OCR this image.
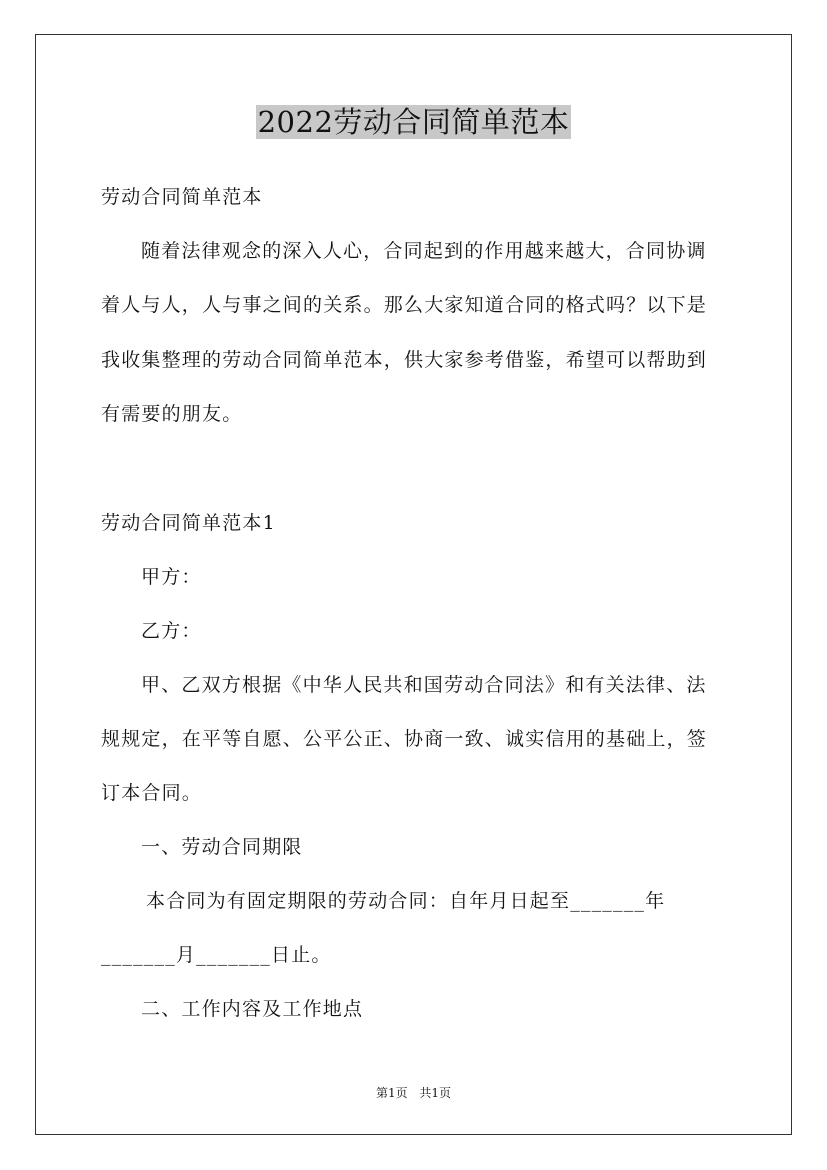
2022劳动合同简单范本
劳动合同简单范本
随着法律观念的深入人心，合同起到的作用越来越大，合同协调
着人与人，人与事之间的关系。那么大家知道合同的格式吗？以下是
我收集整理的劳动合同简单范本，供大家参考借鉴，希望可以帮助到
有需要的朋友。
劳动合同简单范本1
甲方：
乙方：
甲、乙双方根据《中华人民共和国劳动合同法》和有关法律、法
规规定，在平等自愿、公平公正、协商一致、诚实信用的基础上，签
订本合同。
一、劳动合同期限
本合同为有固定期限的劳动合同：自年月日起至_______年
_______月_______日止。
二、工作内容及工作地点
第1页 共1页
